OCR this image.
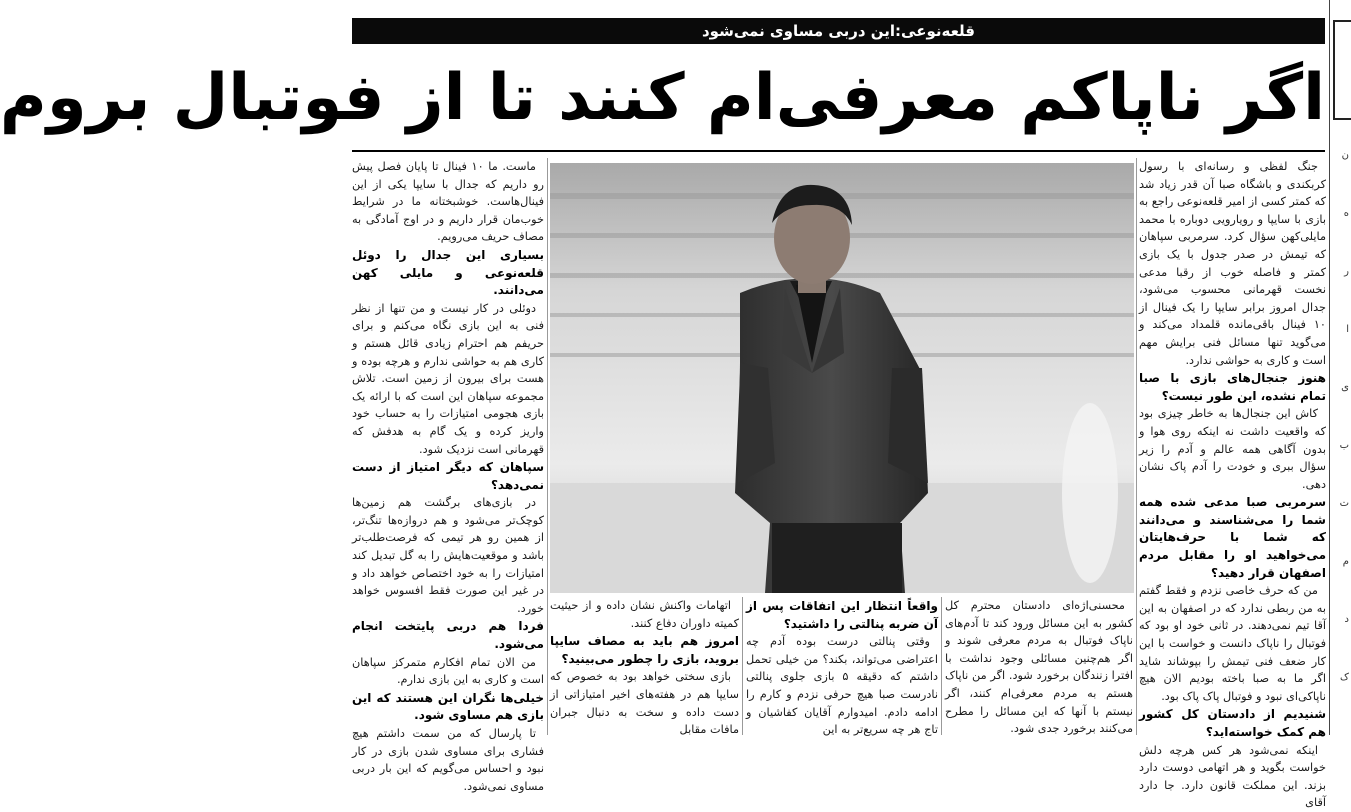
قلعه‌نوعی:این دربی مساوی نمی‌شود
اگر ناپاکم معرفی‌ام کنند تا از فوتبال بروم

جنگ لفظی و رسانه‌ای با رسول کربکندی و باشگاه صبا آن قدر زیاد شد که کمتر کسی از امیر قلعه‌نوعی راجع به بازی با سایپا و رویارویی دوباره با محمد مایلی‌کهن سؤال کرد. سرمربی سپاهان که تیمش در صدر جدول با یک بازی کمتر و فاصله خوب از رقبا مدعی نخست قهرمانی محسوب می‌شود، جدال امروز برابر سایپا را یک فینال از ۱۰ فینال باقی‌مانده قلمداد می‌کند و می‌گوید تنها مسائل فنی برایش مهم است و کاری به حواشی ندارد.

هنوز جنجال‌های بازی با صبا تمام نشده، این طور نیست؟

کاش این جنجال‌ها به خاطر چیزی بود که واقعیت داشت نه اینکه روی هوا و بدون آگاهی همه عالم و آدم را زیر سؤال ببری و خودت را آدم پاک نشان دهی.

سرمربی صبا مدعی شده همه شما را می‌شناسند و می‌دانند که شما با حرف‌هایتان می‌خواهید او را مقابل مردم اصفهان قرار دهید؟

من که حرف خاصی نزدم و فقط گفتم به من ربطی ندارد که در اصفهان به این آقا تیم نمی‌دهند. در ثانی خود او بود که فوتبال را ناپاک دانست و خواست با این کار ضعف فنی تیمش را بپوشاند شاید اگر ما به صبا باخته بودیم الان هیچ ناپاکی‌ای نبود و فوتبال پاک پاک بود.

شنیدیم از دادستان کل کشور هم کمک خواسته‌اید؟

اینکه نمی‌شود هر کس هرچه دلش خواست بگوید و هر اتهامی دوست دارد بزند. این مملکت قانون دارد. جا دارد آقای

محسنی‌اژه‌ای دادستان محترم کل کشور به این مسائل ورود کند تا آدم‌های ناپاک فوتبال به مردم معرفی شوند و اگر هم‌چنین مسائلی وجود نداشت با افترا زنندگان برخورد شود. اگر من ناپاک هستم به مردم معرفی‌ام کنند، اگر نیستم با آنها که این مسائل را مطرح می‌کنند برخورد جدی شود.

واقعاً انتظار این اتفاقات پس از آن ضربه پنالتی را داشتید؟

وقتی پنالتی درست بوده آدم چه اعتراضی می‌تواند، بکند؟ من خیلی تحمل داشتم که دقیقه ۵ بازی جلوی پنالتی نادرست صبا هیچ حرفی نزدم و کارم را ادامه دادم. امیدوارم آقایان کفاشیان و تاج هر چه سریع‌تر به این

اتهامات واکنش نشان داده و از حیثیت کمیته داوران دفاع کنند.

امروز هم باید به مصاف سایپا بروید، بازی را چطور می‌بینید؟

بازی سختی خواهد بود به خصوص که سایپا هم در هفته‌های اخیر امتیازاتی از دست داده و سخت به دنبال جبران مافات مقابل

ماست. ما ۱۰ فینال تا پایان فصل پیش رو داریم که جدال با سایپا یکی از این فینال‌هاست. خوشبختانه ما در شرایط خوب‌مان قرار داریم و در اوج آمادگی به مصاف حریف می‌رویم.

بسیاری این جدال را دوئل قلعه‌نوعی و مایلی کهن می‌دانند.

دوئلی در کار نیست و من تنها از نظر فنی به این بازی نگاه می‌کنم و برای حریفم هم احترام زیادی قائل هستم و کاری هم به حواشی ندارم و هرچه بوده و هست برای بیرون از زمین است. تلاش مجموعه سپاهان این است که با ارائه یک بازی هجومی امتیازات را به حساب خود واریز کرده و یک گام به هدفش که قهرمانی است نزدیک شود.

سپاهان که دیگر امتیاز از دست نمی‌دهد؟

در بازی‌های برگشت هم زمین‌ها کوچک‌تر می‌شود و هم دروازه‌ها تنگ‌تر، از همین رو هر تیمی که فرصت‌طلب‌تر باشد و موقعیت‌هایش را به گل تبدیل کند امتیازات را به خود اختصاص خواهد داد و در غیر این صورت فقط افسوس خواهد خورد.

فردا هم دربی پایتخت انجام می‌شود.

من الان تمام افکارم متمرکز سپاهان است و کاری به این بازی ندارم.

خیلی‌ها نگران این هستند که این بازی هم مساوی شود.

تا پارسال که من سمت داشتم هیچ فشاری برای مساوی شدن بازی در کار نبود و احساس می‌گویم که این بار دربی مساوی نمی‌شود.

ن
ه
ر
ا
ی
ب
ت
م
د
ک
